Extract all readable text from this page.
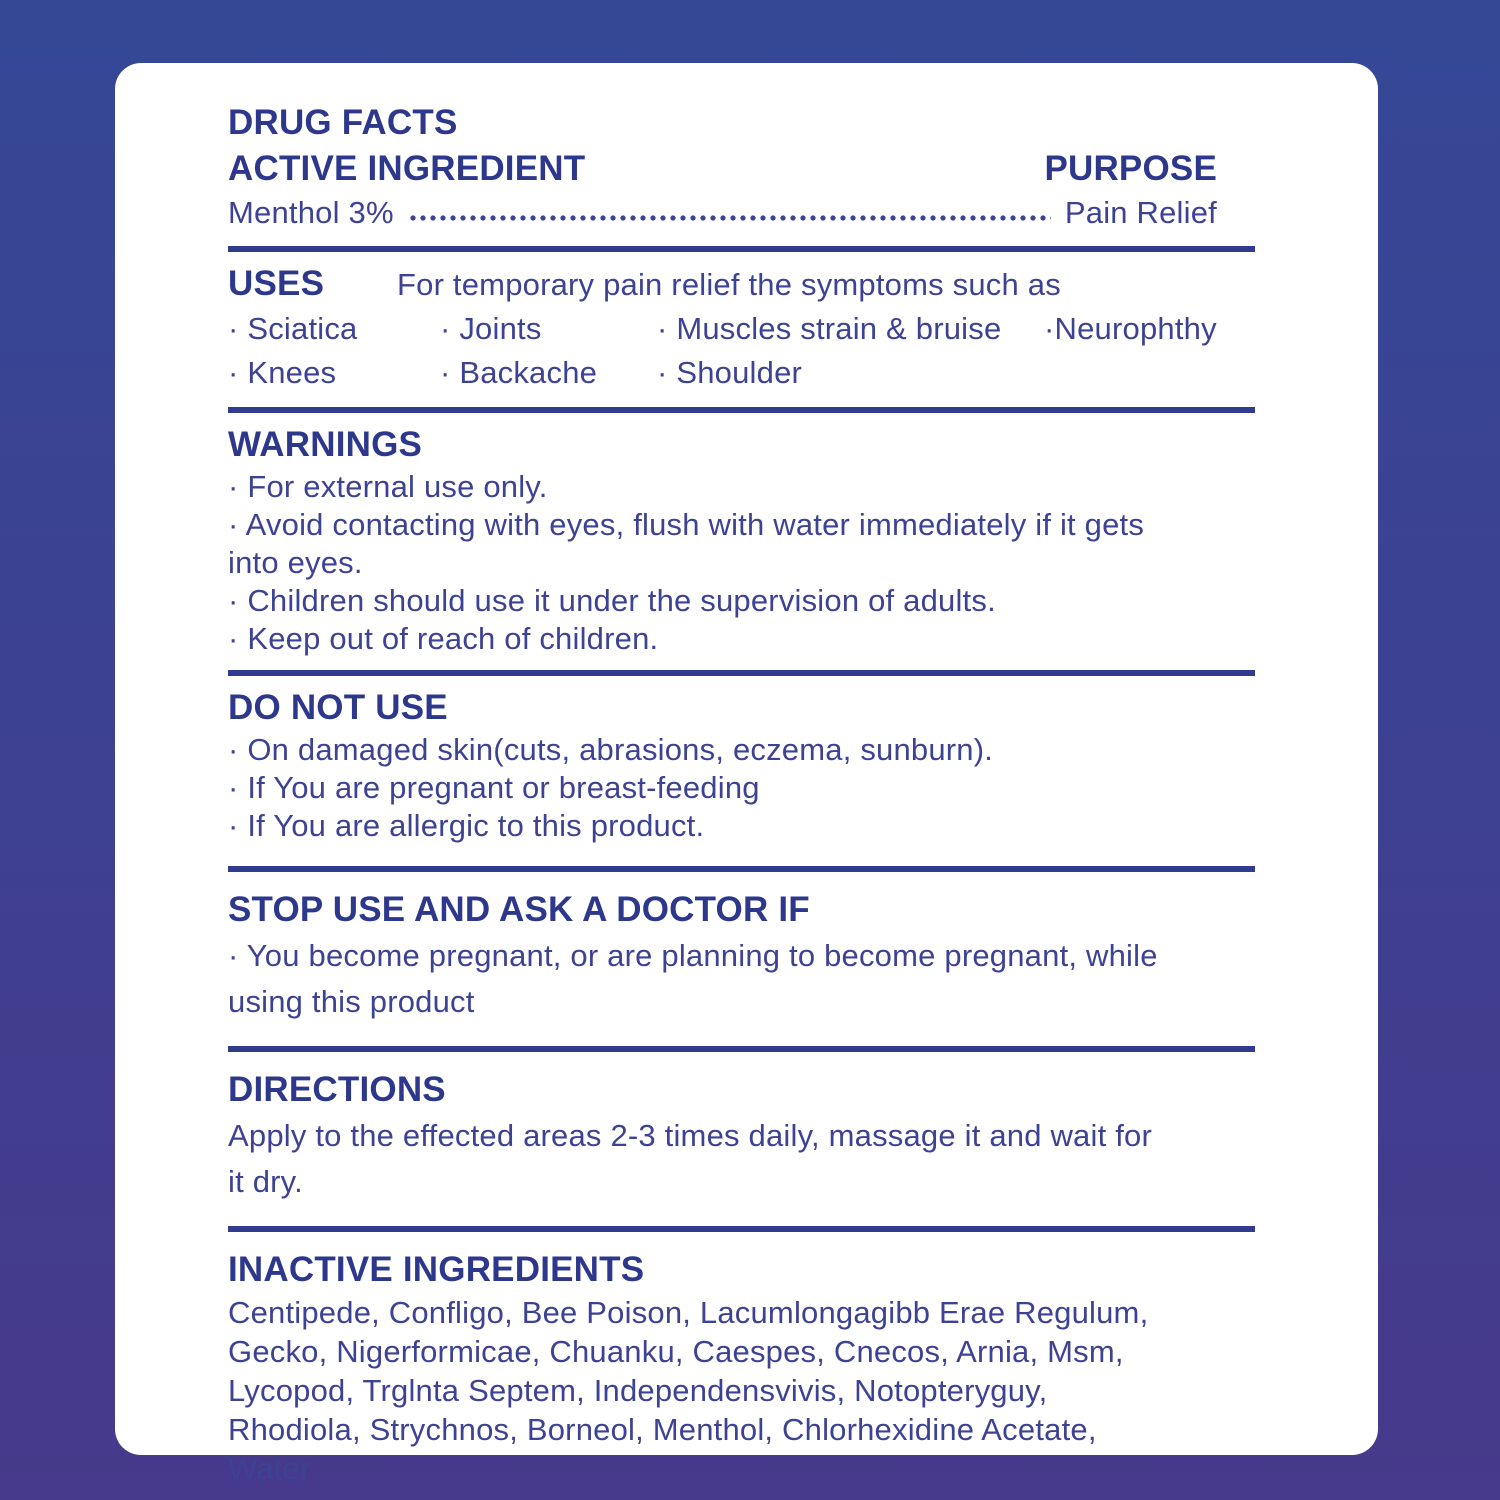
DRUG FACTS
ACTIVE INGREDIENT	PURPOSE
Menthol 3%	Pain Relief
USES	For temporary pain relief the symptoms such as
· Sciatica	· Joints	· Muscles strain & bruise	·Neurophthy
· Knees	· Backache	· Shoulder
WARNINGS
· For external use only.
· Avoid contacting with eyes, flush with water immediately if it gets
into eyes.
· Children should use it under the supervision of adults.
· Keep out of reach of children.
DO NOT USE
· On damaged skin(cuts, abrasions, eczema, sunburn).
· If You are pregnant or breast-feeding
· If You are allergic to this product.
STOP USE AND ASK A DOCTOR IF
· You become pregnant, or are planning to become pregnant, while
using this product
DIRECTIONS
Apply to the effected areas 2-3 times daily, massage it and wait for
it dry.
INACTIVE INGREDIENTS
Centipede, Confligo, Bee Poison, Lacumlongagibb Erae Regulum,
Gecko, Nigerformicae, Chuanku, Caespes, Cnecos, Arnia, Msm,
Lycopod, Trglnta Septem, Independensvivis, Notopteryguy,
Rhodiola, Strychnos, Borneol, Menthol, Chlorhexidine Acetate,
Water
